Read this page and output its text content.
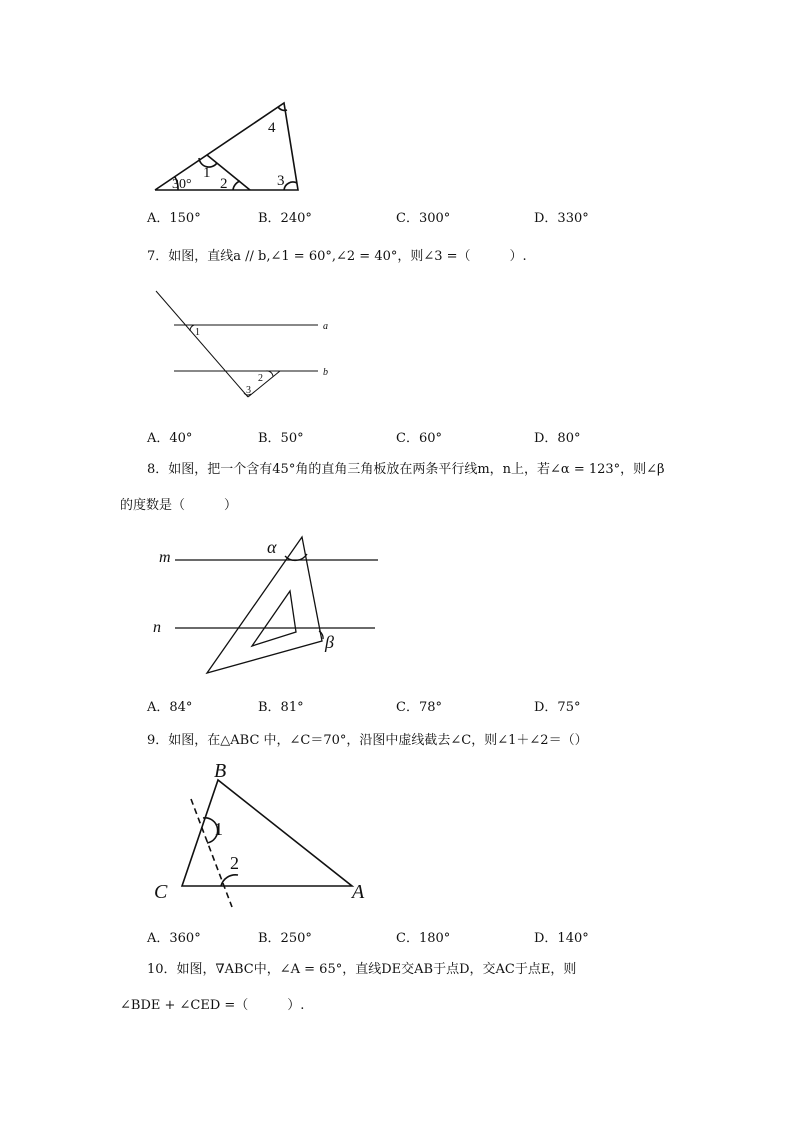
4
1
2	3
30°
A．150°	B．240°	C．300°	D．330°
7．如图，直线a // b,∠1 = 60°,∠2 = 40°，则∠3 =（　　　）.
1
2
3
a
b
A．40°	B．50°	C．60°	D．80°
8．如图，把一个含有45°角的直角三角板放在两条平行线m，n上，若∠α = 123°，则∠β
的度数是（　　　）
m
n
α
β
A．84°	B．81°	C．78°	D．75°
9．如图，在△ABC 中，∠C＝70°，沿图中虚线截去∠C，则∠1＋∠2＝（）
B
C	A
1
2
A．360°	B．250°	C．180°	D．140°
10．如图，∇ABC中，∠A = 65°，直线DE交AB于点D，交AC于点E，则
∠BDE + ∠CED =（　　　）.
